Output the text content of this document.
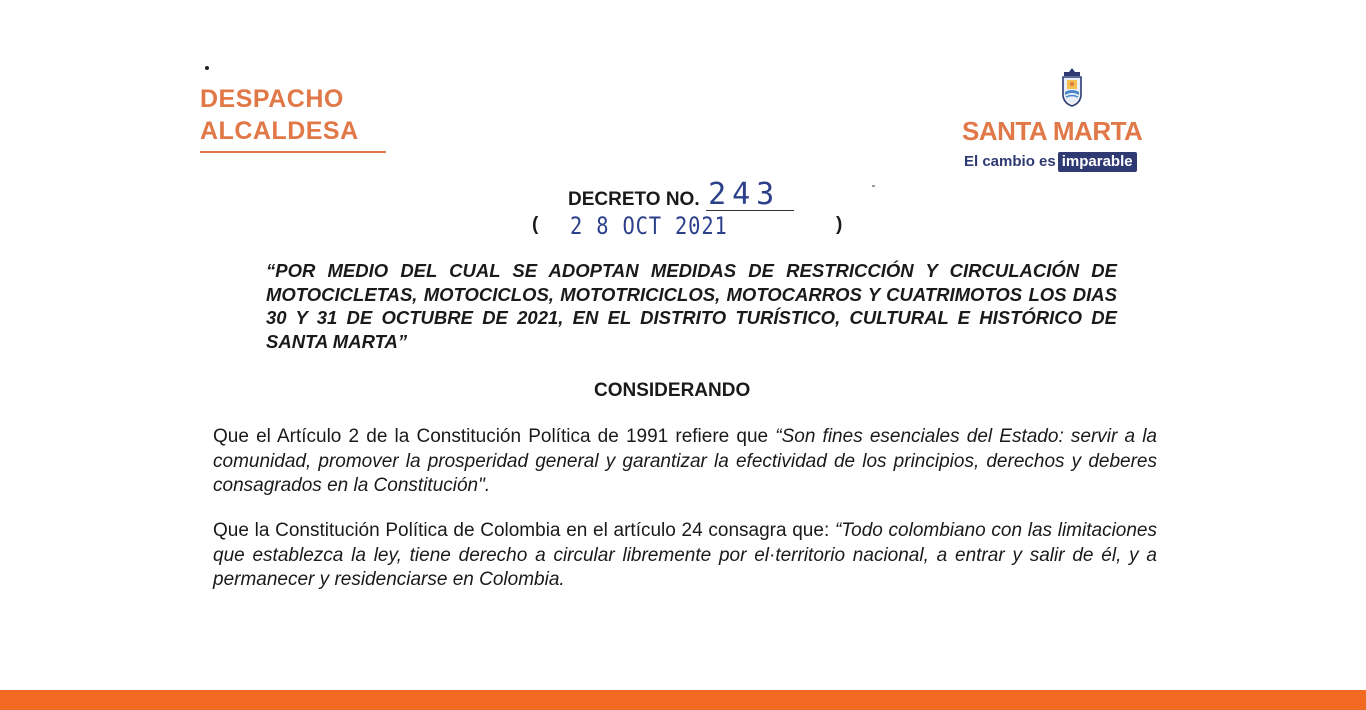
DESPACHO
ALCALDESA	SANTA MARTA
El cambio es imparable
DECRETO NO. 243
( 2 8 OCT 2021	)
“POR MEDIO DEL CUAL SE ADOPTAN MEDIDAS DE RESTRICCIÓN Y CIRCULACIÓN DE MOTOCICLETAS, MOTOCICLOS, MOTOTRICICLOS, MOTOCARROS Y CUATRIMOTOS LOS DIAS 30 Y 31 DE OCTUBRE DE 2021, EN EL DISTRITO TURÍSTICO, CULTURAL E HISTÓRICO DE SANTA MARTA”
CONSIDERANDO
Que el Artículo 2 de la Constitución Política de 1991 refiere que “Son fines esenciales del Estado: servir a la comunidad, promover la prosperidad general y garantizar la efectividad de los principios, derechos y deberes consagrados en la Constitución".
Que la Constitución Política de Colombia en el artículo 24 consagra que: “Todo colombiano con las limitaciones que establezca la ley, tiene derecho a circular libremente por el·territorio nacional, a entrar y salir de él, y a permanecer y residenciarse en Colombia.
